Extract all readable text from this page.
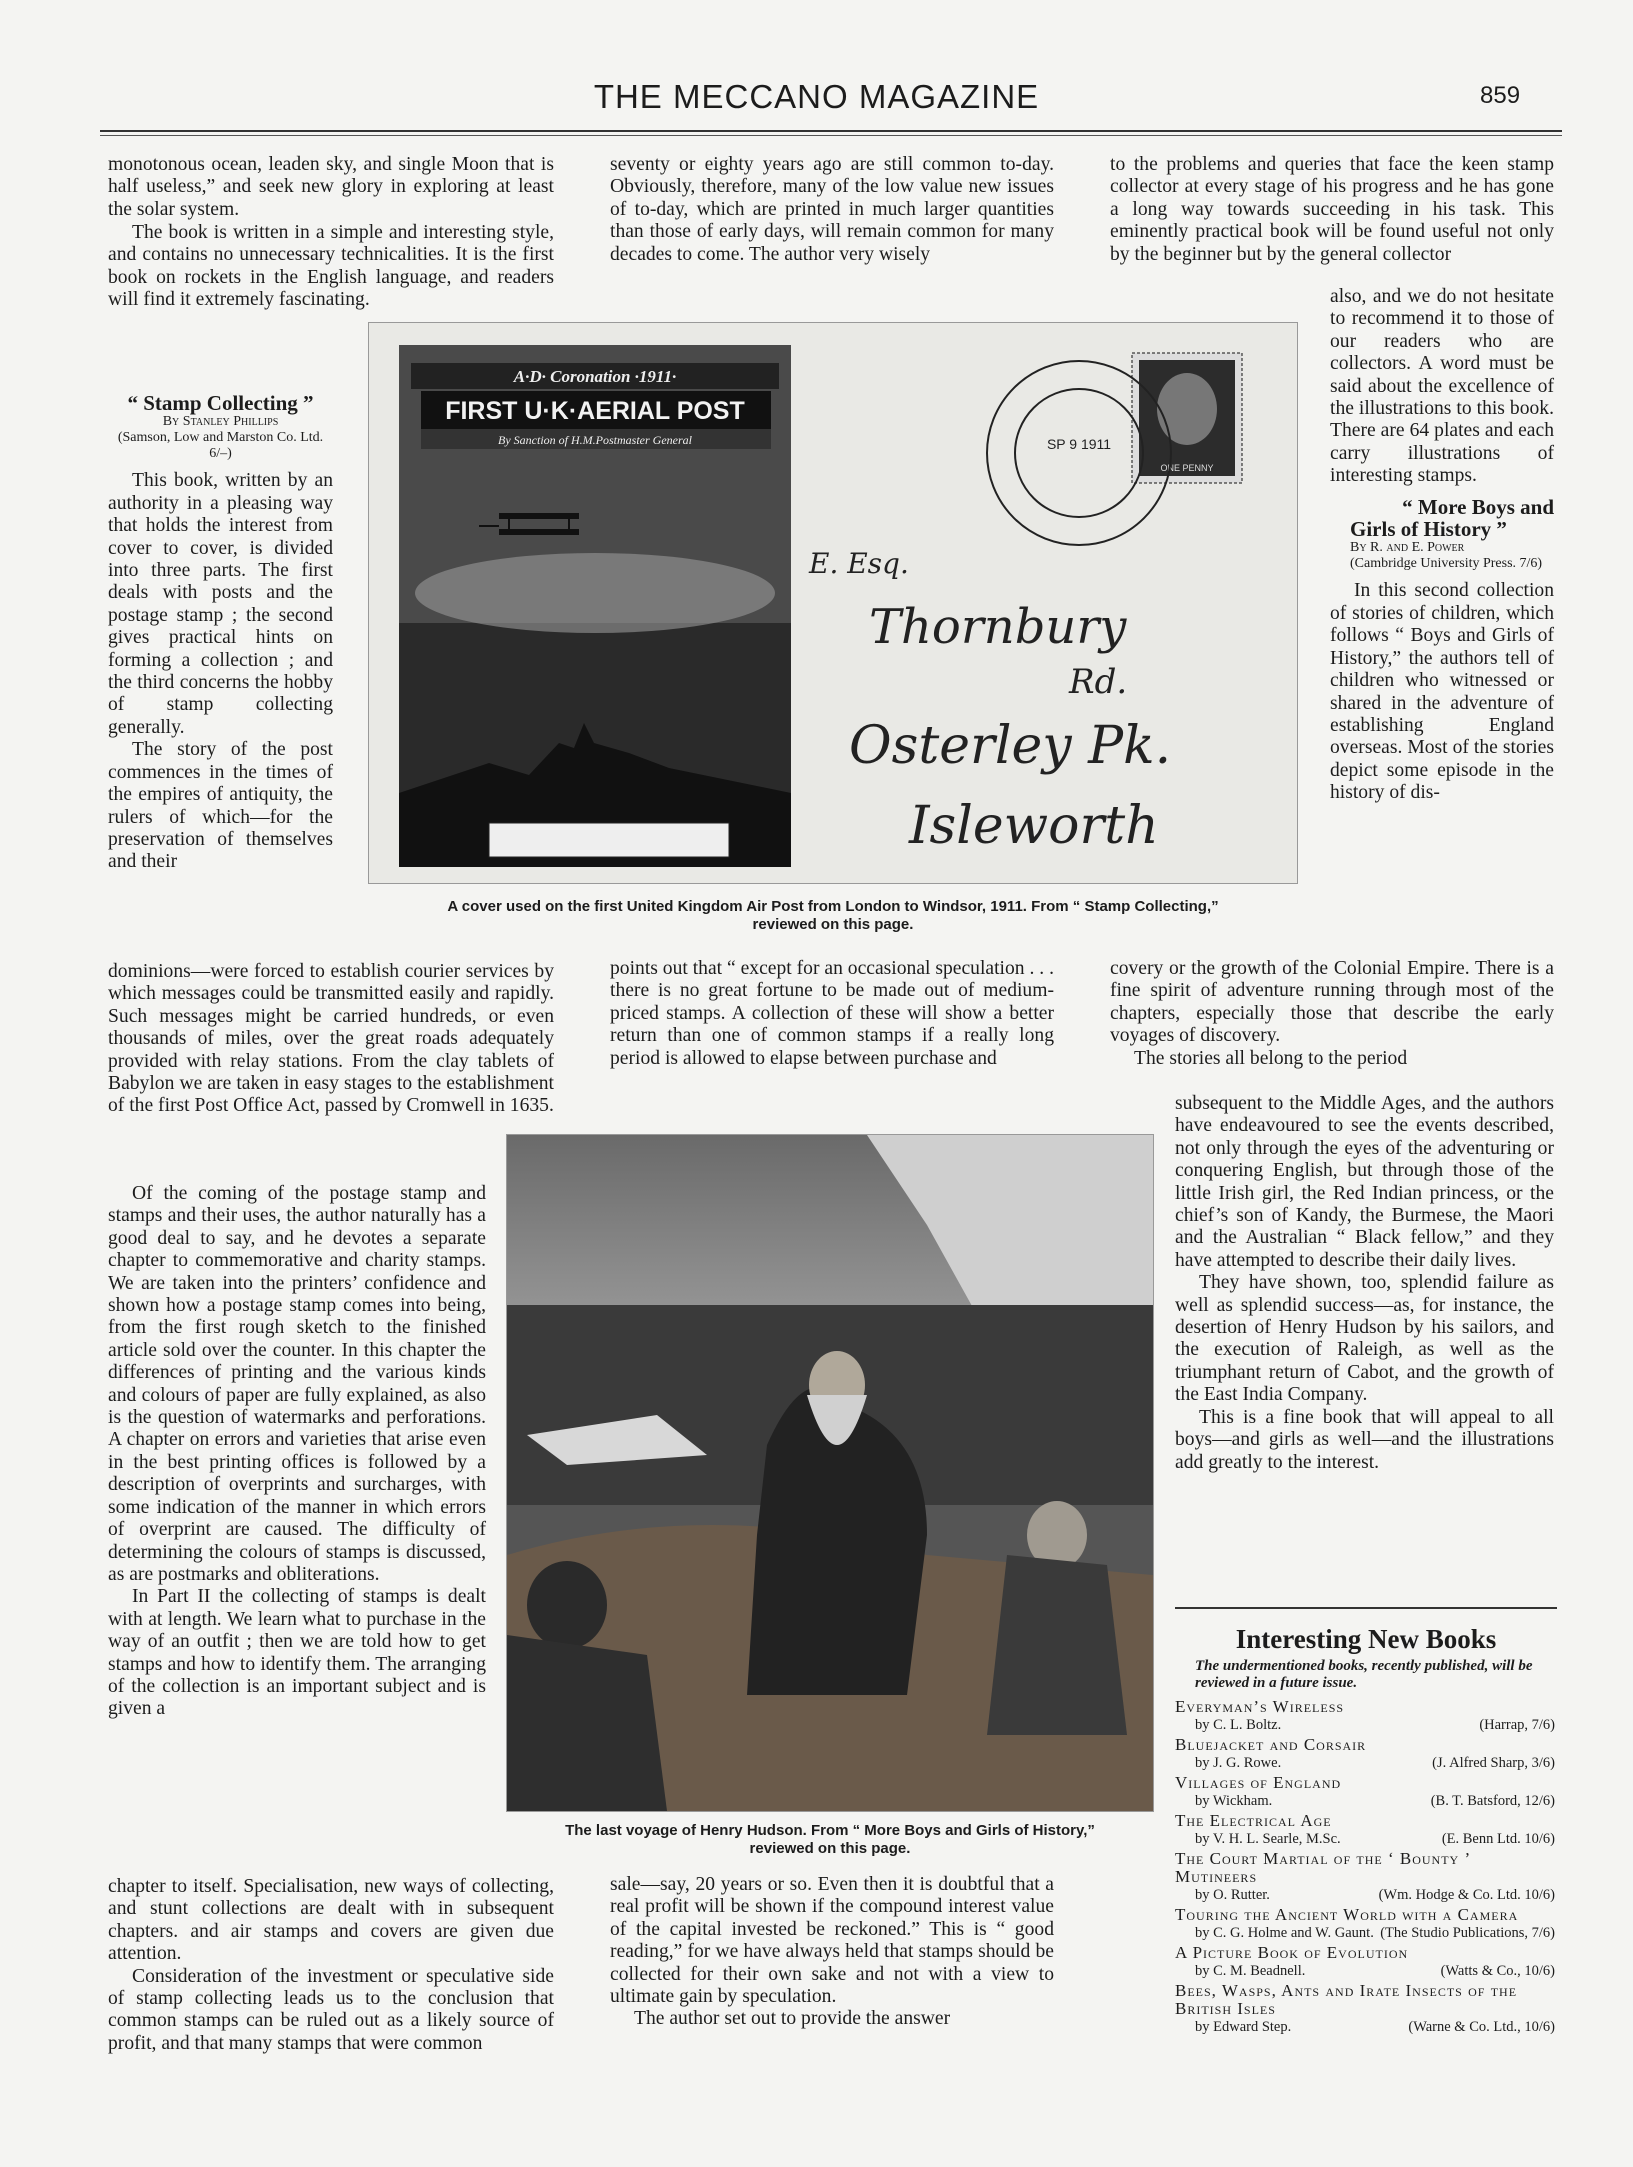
THE MECCANO MAGAZINE	859

monotonous ocean, leaden sky, and single Moon that is half useless,” and seek new glory in exploring at least the solar system.

The book is written in a simple and interesting style, and contains no unnecessary technicalities. It is the first book on rockets in the English language, and readers will find it extremely fascinating.

“ Stamp Collecting ”
By Stanley Phillips
(Samson, Low and Marston Co. Ltd. 6/–)

This book, written by an authority in a pleasing way that holds the interest from cover to cover, is divided into three parts. The first deals with posts and the postage stamp ; the second gives practical hints on forming a collection ; and the third concerns the hobby of stamp collecting generally.

The story of the post commences in the times of the empires of antiquity, the rulers of which—for the preservation of themselves and their

dominions—were forced to establish courier services by which messages could be transmitted easily and rapidly. Such messages might be carried hundreds, or even thousands of miles, over the great roads adequately provided with relay stations. From the clay tablets of Babylon we are taken in easy stages to the establishment of the first Post Office Act, passed by Cromwell in 1635.

Of the coming of the postage stamp and stamps and their uses, the author naturally has a good deal to say, and he devotes a separate chapter to commemorative and charity stamps. We are taken into the printers’ confidence and shown how a postage stamp comes into being, from the first rough sketch to the finished article sold over the counter. In this chapter the differences of printing and the various kinds and colours of paper are fully explained, as also is the question of watermarks and perforations. A chapter on errors and varieties that arise even in the best printing offices is followed by a description of overprints and surcharges, with some indication of the manner in which errors of overprint are caused. The difficulty of determining the colours of stamps is discussed, as are postmarks and obliterations.

In Part II the collecting of stamps is dealt with at length. We learn what to purchase in the way of an outfit ; then we are told how to get stamps and how to identify them. The arranging of the collection is an important subject and is given a

chapter to itself. Specialisation, new ways of collecting, and stunt collections are dealt with in subsequent chapters. and air stamps and covers are given due attention.

Consideration of the investment or speculative side of stamp collecting leads us to the conclusion that common stamps can be ruled out as a likely source of profit, and that many stamps that were common

seventy or eighty years ago are still common to-day. Obviously, therefore, many of the low value new issues of to-day, which are printed in much larger quantities than those of early days, will remain common for many decades to come. The author very wisely

points out that “ except for an occasional speculation . . . there is no great fortune to be made out of medium-priced stamps. A collection of these will show a better return than one of common stamps if a really long period is allowed to elapse between purchase and

sale—say, 20 years or so. Even then it is doubtful that a real profit will be shown if the compound interest value of the capital invested be reckoned.” This is “ good reading,” for we have always held that stamps should be collected for their own sake and not with a view to ultimate gain by speculation.

The author set out to provide the answer

to the problems and queries that face the keen stamp collector at every stage of his progress and he has gone a long way towards succeeding in his task. This eminently practical book will be found useful not only by the beginner but by the general collector

also, and we do not hesitate to recommend it to those of our readers who are collectors. A word must be said about the excellence of the illustrations to this book. There are 64 plates and each carry illustrations of interesting stamps.

“ More Boys and

Girls of History ”
By R. and E. Power
(Cambridge University Press. 7/6)

In this second collection of stories of children, which follows “ Boys and Girls of History,” the authors tell of children who witnessed or shared in the adventure of establishing England overseas. Most of the stories depict some episode in the history of dis-

covery or the growth of the Colonial Empire. There is a fine spirit of adventure running through most of the chapters, especially those that describe the early voyages of discovery.

The stories all belong to the period

subsequent to the Middle Ages, and the authors have endeavoured to see the events described, not only through the eyes of the adventuring or conquering English, but through those of the little Irish girl, the Red Indian princess, or the chief’s son of Kandy, the Burmese, the Maori and the Australian “ Black fellow,” and they have attempted to describe their daily lives.

They have shown, too, splendid failure as well as splendid success—as, for instance, the desertion of Henry Hudson by his sailors, and the execution of Raleigh, as well as the triumphant return of Cabot, and the growth of the East India Company.

This is a fine book that will appeal to all boys—and girls as well—and the illustrations add greatly to the interest.

A·D· Coronation ·1911·
FIRST U·K·AERIAL POST
By Sanction of H.M.Postmaster General
ONE PENNY
SP 9 1911
E. Esq.
Thornbury
Rd.
Osterley Pk.
Isleworth
A cover used on the first United Kingdom Air Post from London to Windsor, 1911. From “ Stamp Collecting,”
reviewed on this page.
The last voyage of Henry Hudson. From “ More Boys and Girls of History,”
reviewed on this page.
Interesting New Books
The undermentioned books, recently published, will be reviewed in a future issue.
Everyman’s Wireless
by C. L. Boltz.	(Harrap, 7/6)
Bluejacket and Corsair
by J. G. Rowe.	(J. Alfred Sharp, 3/6)
Villages of England
by Wickham.	(B. T. Batsford, 12/6)
The Electrical Age
by V. H. L. Searle, M.Sc.	(E. Benn Ltd. 10/6)
The Court Martial of the ‘ Bounty ’ Mutineers
by O. Rutter.	(Wm. Hodge & Co. Ltd. 10/6)
Touring the Ancient World with a Camera
by C. G. Holme and W. Gaunt. (The Studio Publications, 7/6)
A Picture Book of Evolution
by C. M. Beadnell.	(Watts & Co., 10/6)
Bees, Wasps, Ants and Irate Insects of the British Isles
by Edward Step.	(Warne & Co. Ltd., 10/6)
